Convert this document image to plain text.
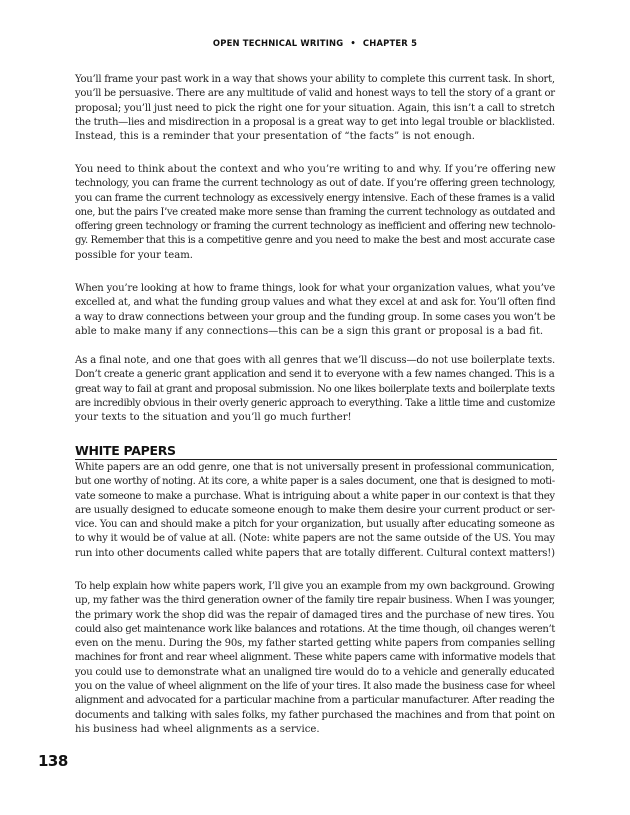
OPEN TECHNICAL WRITING • CHAPTER 5

You’ll frame your past work in a way that shows your ability to complete this current task. In short,
you’ll be persuasive. There are any multitude of valid and honest ways to tell the story of a grant or
proposal; you’ll just need to pick the right one for your situation. Again, this isn’t a call to stretch
the truth—lies and misdirection in a proposal is a great way to get into legal trouble or blacklisted.
Instead, this is a reminder that your presentation of “the facts” is not enough.

You need to think about the context and who you’re writing to and why. If you’re offering new
technology, you can frame the current technology as out of date. If you’re offering green technology,
you can frame the current technology as excessively energy intensive. Each of these frames is a valid
one, but the pairs I’ve created make more sense than framing the current technology as outdated and
offering green technology or framing the current technology as inefficient and offering new technolo-
gy. Remember that this is a competitive genre and you need to make the best and most accurate case
possible for your team.

When you’re looking at how to frame things, look for what your organization values, what you’ve
excelled at, and what the funding group values and what they excel at and ask for. You’ll often find
a way to draw connections between your group and the funding group. In some cases you won’t be
able to make many if any connections—this can be a sign this grant or proposal is a bad fit.

As a final note, and one that goes with all genres that we’ll discuss—do not use boilerplate texts.
Don’t create a generic grant application and send it to everyone with a few names changed. This is a
great way to fail at grant and proposal submission. No one likes boilerplate texts and boilerplate texts
are incredibly obvious in their overly generic approach to everything. Take a little time and customize
your texts to the situation and you’ll go much further!

WHITE PAPERS

White papers are an odd genre, one that is not universally present in professional communication,
but one worthy of noting. At its core, a white paper is a sales document, one that is designed to moti-
vate someone to make a purchase. What is intriguing about a white paper in our context is that they
are usually designed to educate someone enough to make them desire your current product or ser-
vice. You can and should make a pitch for your organization, but usually after educating someone as
to why it would be of value at all. (Note: white papers are not the same outside of the US. You may
run into other documents called white papers that are totally different. Cultural context matters!)

To help explain how white papers work, I’ll give you an example from my own background. Growing
up, my father was the third generation owner of the family tire repair business. When I was younger,
the primary work the shop did was the repair of damaged tires and the purchase of new tires. You
could also get maintenance work like balances and rotations. At the time though, oil changes weren’t
even on the menu. During the 90s, my father started getting white papers from companies selling
machines for front and rear wheel alignment. These white papers came with informative models that
you could use to demonstrate what an unaligned tire would do to a vehicle and generally educated
you on the value of wheel alignment on the life of your tires. It also made the business case for wheel
alignment and advocated for a particular machine from a particular manufacturer. After reading the
documents and talking with sales folks, my father purchased the machines and from that point on
his business had wheel alignments as a service.

138
